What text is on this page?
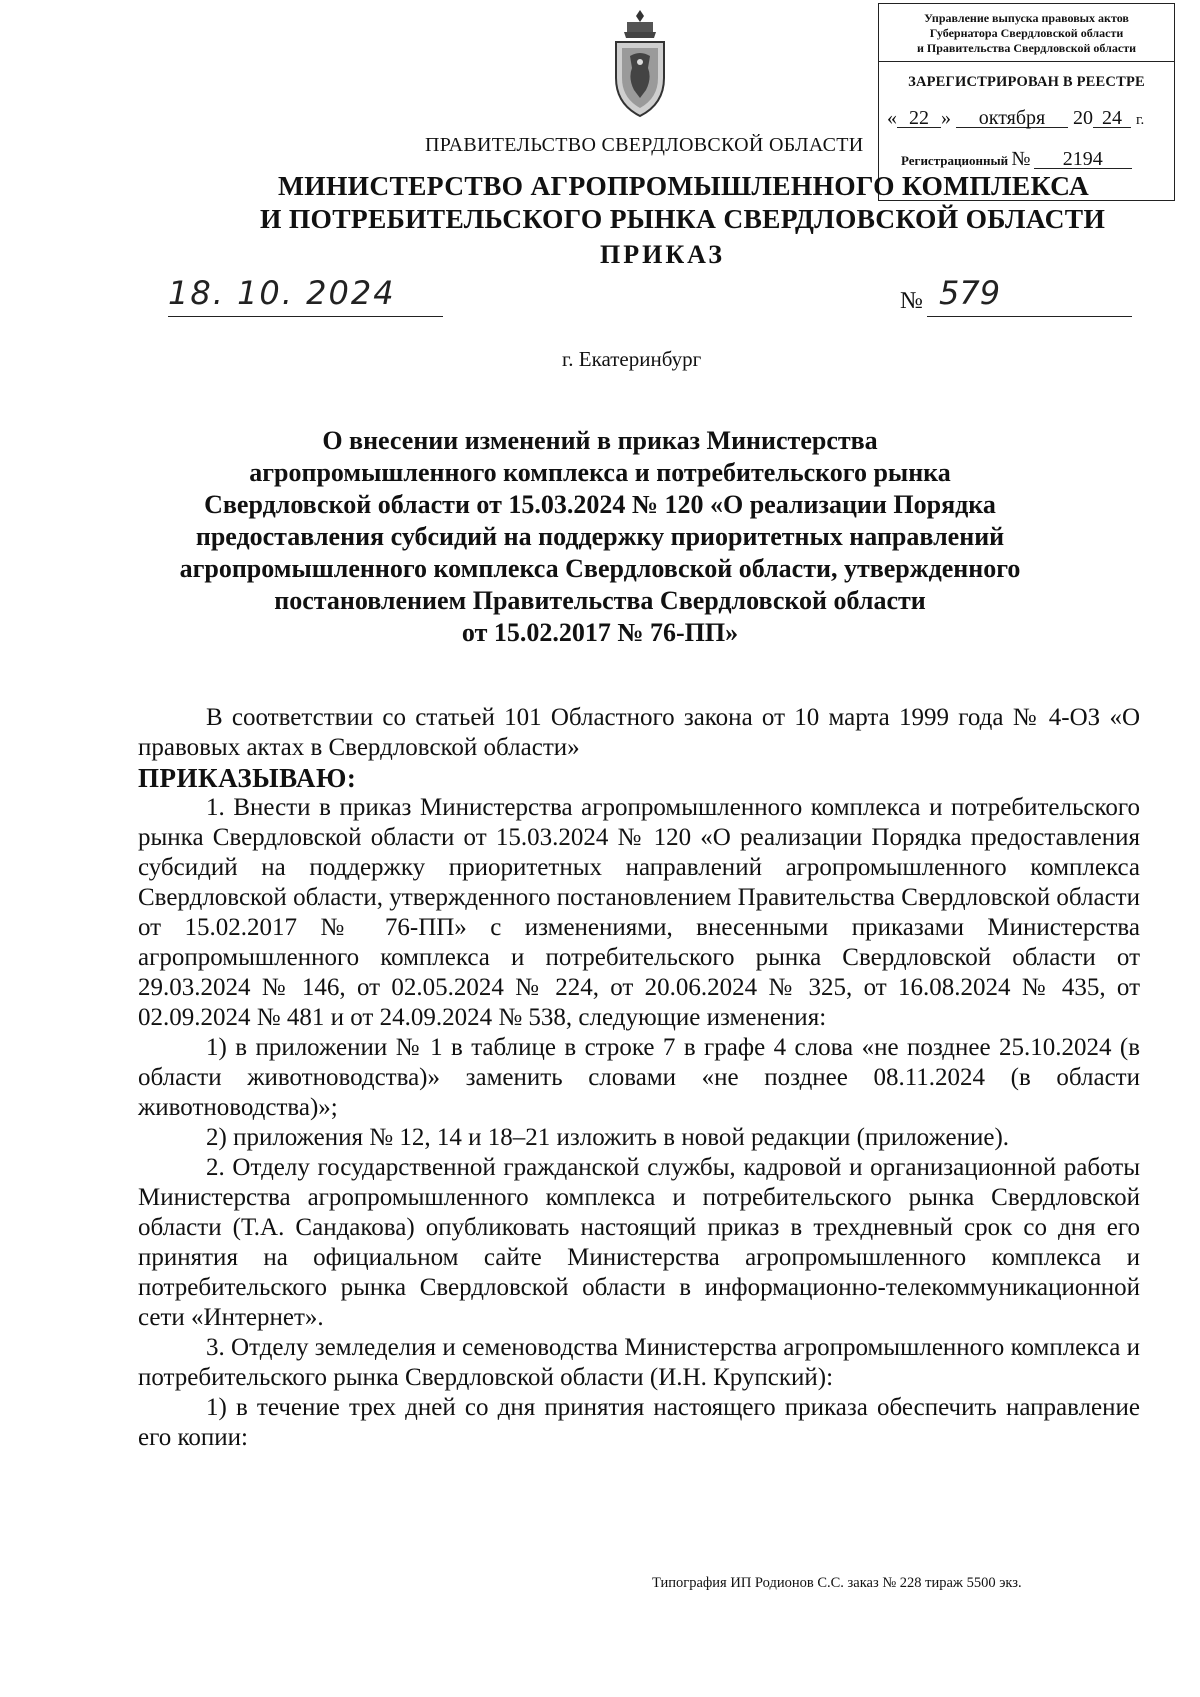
Управление выпуска правовых актов
Губернатора Свердловской области
и Правительства Свердловской области
ЗАРЕГИСТРИРОВАН В РЕЕСТРЕ
« 22 » октября 20 24 г.
Регистрационный № 2194
ПРАВИТЕЛЬСТВО СВЕРДЛОВСКОЙ ОБЛАСТИ
МИНИСТЕРСТВО АГРОПРОМЫШЛЕННОГО КОМПЛЕКСА
И ПОТРЕБИТЕЛЬСКОГО РЫНКА СВЕРДЛОВСКОЙ ОБЛАСТИ
ПРИКАЗ
18. 10. 2024	№ 579
г. Екатеринбург
О внесении изменений в приказ Министерства
агропромышленного комплекса и потребительского рынка
Свердловской области от 15.03.2024 № 120 «О реализации Порядка
предоставления субсидий на поддержку приоритетных направлений
агропромышленного комплекса Свердловской области, утвержденного
постановлением Правительства Свердловской области
от 15.02.2017 № 76-ПП»

В соответствии со статьей 101 Областного закона от 10 марта 1999 года № 4-ОЗ «О правовых актах в Свердловской области»

ПРИКАЗЫВАЮ:

1. Внести в приказ Министерства агропромышленного комплекса и потребительского рынка Свердловской области от 15.03.2024 № 120 «О реализации Порядка предоставления субсидий на поддержку приоритетных направлений агропромышленного комплекса Свердловской области, утвержденного постановлением Правительства Свердловской области от 15.02.2017 № 76-ПП» с изменениями, внесенными приказами Министерства агропромышленного комплекса и потребительского рынка Свердловской области от 29.03.2024 № 146, от 02.05.2024 № 224, от 20.06.2024 № 325, от 16.08.2024 № 435, от 02.09.2024 № 481 и от 24.09.2024 № 538, следующие изменения:

1) в приложении № 1 в таблице в строке 7 в графе 4 слова «не позднее 25.10.2024 (в области животноводства)» заменить словами «не позднее 08.11.2024 (в области животноводства)»;

2) приложения № 12, 14 и 18–21 изложить в новой редакции (приложение).

2. Отделу государственной гражданской службы, кадровой и организационной работы Министерства агропромышленного комплекса и потребительского рынка Свердловской области (Т.А. Сандакова) опубликовать настоящий приказ в трехдневный срок со дня его принятия на официальном сайте Министерства агропромышленного комплекса и потребительского рынка Свердловской области в информационно-телекоммуникационной сети «Интернет».

3. Отделу земледелия и семеноводства Министерства агропромышленного комплекса и потребительского рынка Свердловской области (И.Н. Крупский):

1) в течение трех дней со дня принятия настоящего приказа обеспечить направление его копии:

Типография ИП Родионов С.С. заказ № 228 тираж 5500 экз.
